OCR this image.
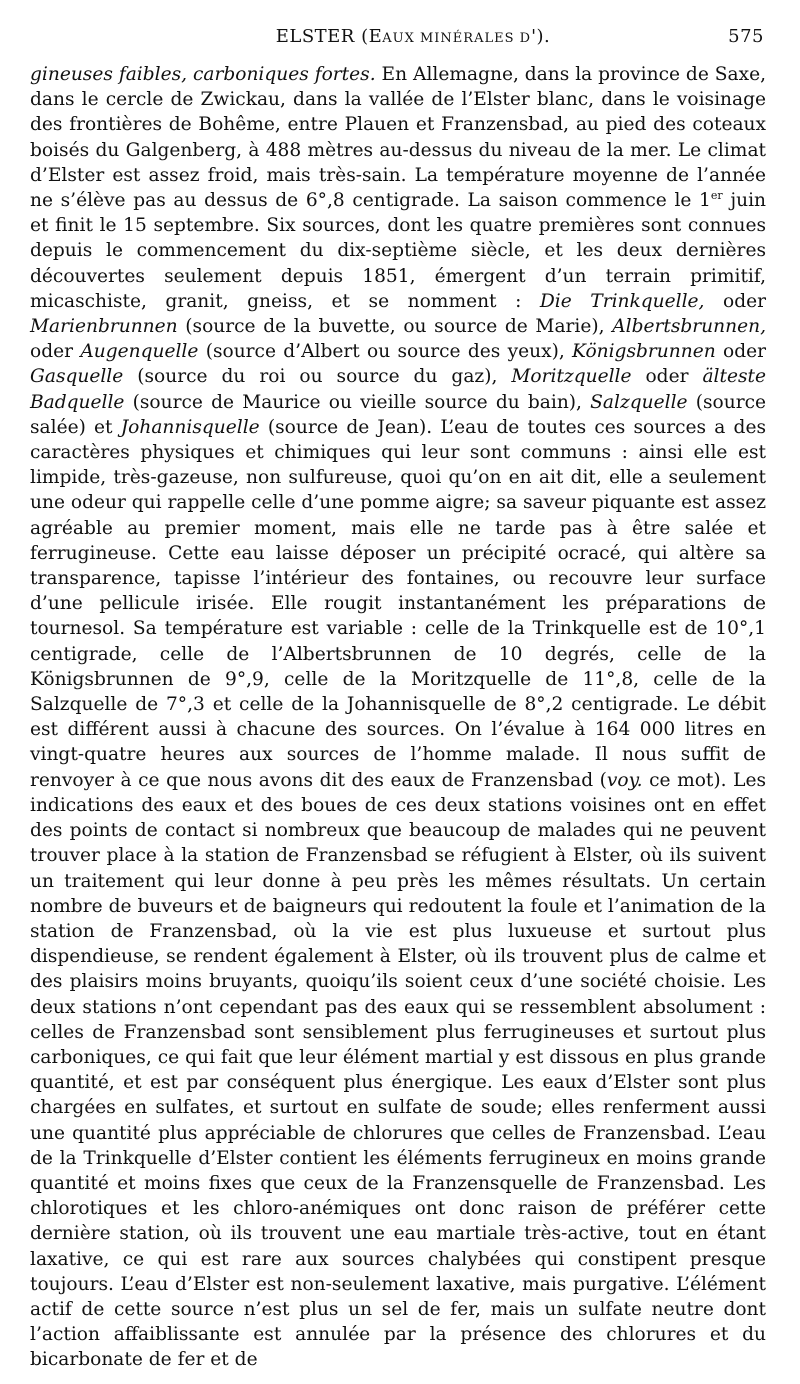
ELSTER (EAUX MINÉRALES D').	575

gineuses faibles, carboniques fortes. En Allemagne, dans la province de Saxe, dans le cercle de Zwickau, dans la vallée de l’Elster blanc, dans le voisinage des frontières de Bohême, entre Plauen et Franzensbad, au pied des coteaux boisés du Galgenberg, à 488 mètres au-dessus du niveau de la mer. Le climat d’Elster est assez froid, mais très-sain. La température moyenne de l’année ne s’élève pas au dessus de 6°,8 centigrade. La saison commence le 1er juin et finit le 15 septembre. Six sources, dont les quatre premières sont connues depuis le commencement du dix-septième siècle, et les deux dernières découvertes seulement depuis 1851, émergent d’un terrain primitif, micaschiste, granit, gneiss, et se nomment : Die Trinkquelle, oder Marienbrunnen (source de la buvette, ou source de Marie), Albertsbrunnen, oder Augenquelle (source d’Albert ou source des yeux), Königsbrunnen oder Gasquelle (source du roi ou source du gaz), Moritzquelle oder älteste Badquelle (source de Maurice ou vieille source du bain), Salzquelle (source salée) et Johannisquelle (source de Jean). L’eau de toutes ces sources a des caractères physiques et chimiques qui leur sont communs : ainsi elle est limpide, très-gazeuse, non sulfureuse, quoi qu’on en ait dit, elle a seulement une odeur qui rappelle celle d’une pomme aigre; sa saveur piquante est assez agréable au premier moment, mais elle ne tarde pas à être salée et ferrugineuse. Cette eau laisse déposer un précipité ocracé, qui altère sa transparence, tapisse l’intérieur des fontaines, ou recouvre leur surface d’une pellicule irisée. Elle rougit instantanément les préparations de tournesol. Sa température est variable : celle de la Trinkquelle est de 10°,1 centigrade, celle de l’Albertsbrunnen de 10 degrés, celle de la Königsbrunnen de 9°,9, celle de la Moritzquelle de 11°,8, celle de la Salzquelle de 7°,3 et celle de la Johannisquelle de 8°,2 centigrade. Le débit est différent aussi à chacune des sources. On l’évalue à 164 000 litres en vingt-quatre heures aux sources de l’homme malade. Il nous suffit de renvoyer à ce que nous avons dit des eaux de Franzensbad (voy. ce mot). Les indications des eaux et des boues de ces deux stations voisines ont en effet des points de contact si nombreux que beaucoup de malades qui ne peuvent trouver place à la station de Franzensbad se réfugient à Elster, où ils suivent un traitement qui leur donne à peu près les mêmes résultats. Un certain nombre de buveurs et de baigneurs qui redoutent la foule et l’animation de la station de Franzensbad, où la vie est plus luxueuse et surtout plus dispendieuse, se rendent également à Elster, où ils trouvent plus de calme et des plaisirs moins bruyants, quoiqu’ils soient ceux d’une société choisie. Les deux stations n’ont cependant pas des eaux qui se ressemblent absolument : celles de Franzensbad sont sensiblement plus ferrugineuses et surtout plus carboniques, ce qui fait que leur élément martial y est dissous en plus grande quantité, et est par conséquent plus énergique. Les eaux d’Elster sont plus chargées en sulfates, et surtout en sulfate de soude; elles renferment aussi une quantité plus appréciable de chlorures que celles de Franzensbad. L’eau de la Trinkquelle d’Elster contient les éléments ferrugineux en moins grande quantité et moins fixes que ceux de la Franzensquelle de Franzensbad. Les chlorotiques et les chloro-anémiques ont donc raison de préférer cette dernière station, où ils trouvent une eau martiale très-active, tout en étant laxative, ce qui est rare aux sources chalybées qui constipent presque toujours. L’eau d’Elster est non-seulement laxative, mais purgative. L’élément actif de cette source n’est plus un sel de fer, mais un sulfate neutre dont l’action affaiblissante est annulée par la présence des chlorures et du bicarbonate de fer et de
